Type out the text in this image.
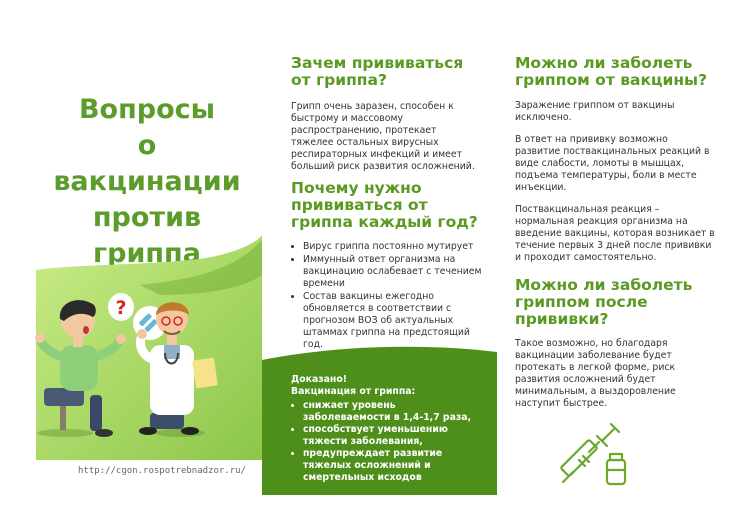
Вопросы
о вакцинации
против гриппа
?
http://cgon.rospotrebnadzor.ru/
Зачем прививаться
от гриппа?

Грипп очень заразен, способен к быстрому и массовому распространению, протекает тяжелее остальных вирусных респираторных инфекций и имеет больший риск развития осложнений.

Почему нужно
прививаться от
гриппа каждый год?
• Вирус гриппа постоянно мутирует
• Иммунный ответ организма на вакцинацию ослабевает с течением времени
• Состав вакцины ежегодно обновляется в соответствии с прогнозом ВОЗ об актуальных штаммах гриппа на предстоящий год.
Доказано!
Вакцинация от гриппа:
• снижает уровень заболеваемости в 1,4-1,7 раза,
• способствует уменьшению тяжести заболевания,
• предупреждает развитие тяжелых осложнений и смертельных исходов
Можно ли заболеть
гриппом от вакцины?

Заражение гриппом от вакцины исключено.

В ответ на прививку возможно развитие поствакцинальных реакций в виде слабости, ломоты в мышцах, подъема температуры, боли в месте инъекции.

Поствакцинальная реакция – нормальная реакция организма на введение вакцины, которая возникает в течение первых 3 дней после прививки и проходит самостоятельно.

Можно ли заболеть
гриппом после
прививки?

Такое возможно, но благодаря вакцинации заболевание будет протекать в легкой форме, риск развития осложнений будет минимальным, а выздоровление наступит быстрее.
